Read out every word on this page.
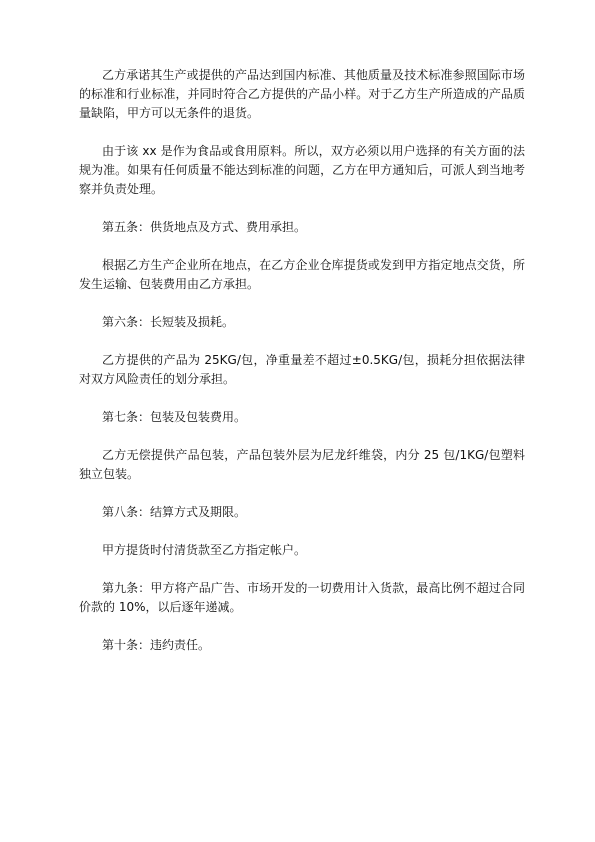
乙方承诺其生产或提供的产品达到国内标准、其他质量及技术标准参照国际市场的标准和行业标准，并同时符合乙方提供的产品小样。对于乙方生产所造成的产品质量缺陷，甲方可以无条件的退货。

由于该 xx 是作为食品或食用原料。所以，双方必须以用户选择的有关方面的法规为准。如果有任何质量不能达到标准的问题，乙方在甲方通知后，可派人到当地考察并负责处理。

第五条：供货地点及方式、费用承担。

根据乙方生产企业所在地点，在乙方企业仓库提货或发到甲方指定地点交货，所发生运输、包装费用由乙方承担。

第六条：长短装及损耗。

乙方提供的产品为 25KG/包，净重量差不超过±0.5KG/包，损耗分担依据法律对双方风险责任的划分承担。

第七条：包装及包装费用。

乙方无偿提供产品包装，产品包装外层为尼龙纤维袋，内分 25 包/1KG/包塑料独立包装。

第八条：结算方式及期限。

甲方提货时付清货款至乙方指定帐户。

第九条：甲方将产品广告、市场开发的一切费用计入货款，最高比例不超过合同价款的 10%，以后逐年递减。

第十条：违约责任。
